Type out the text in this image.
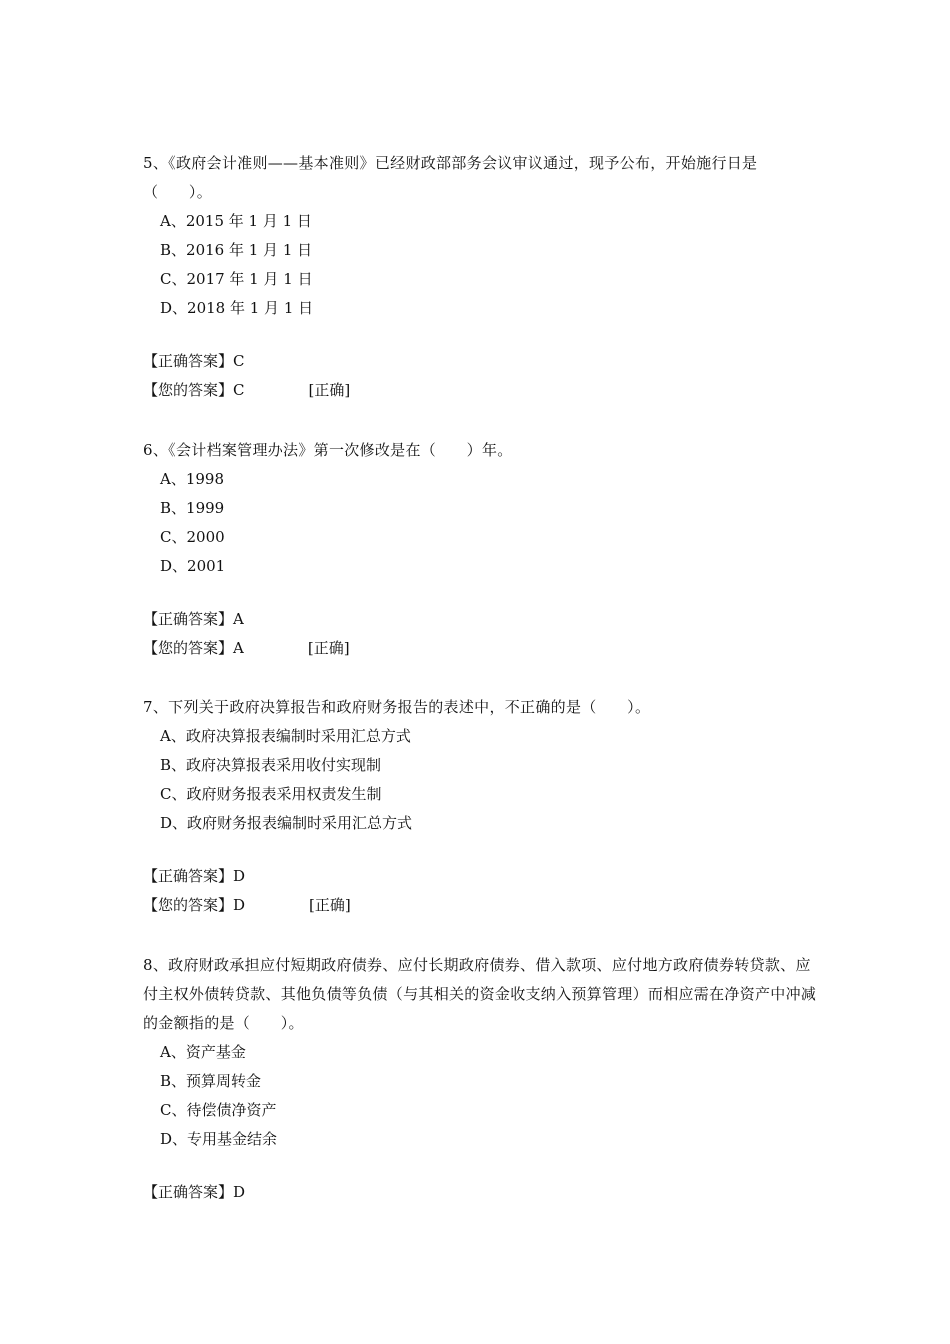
5、《政府会计准则——基本准则》已经财政部部务会议审议通过，现予公布，开始施行日是（　　）。

A、2015 年 1 月 1 日
B、2016 年 1 月 1 日
C、2017 年 1 月 1 日
D、2018 年 1 月 1 日
【正确答案】C
【您的答案】C	[正确]

6、《会计档案管理办法》第一次修改是在（　　）年。

A、1998
B、1999
C、2000
D、2001
【正确答案】A
【您的答案】A	[正确]

7、下列关于政府决算报告和政府财务报告的表述中，不正确的是（　　）。

A、政府决算报表编制时采用汇总方式
B、政府决算报表采用收付实现制
C、政府财务报表采用权责发生制
D、政府财务报表编制时采用汇总方式
【正确答案】D
【您的答案】D	[正确]

8、政府财政承担应付短期政府债券、应付长期政府债券、借入款项、应付地方政府债券转贷款、应付主权外债转贷款、其他负债等负债（与其相关的资金收支纳入预算管理）而相应需在净资产中冲减的金额指的是（　　）。

A、资产基金
B、预算周转金
C、待偿债净资产
D、专用基金结余
【正确答案】D
